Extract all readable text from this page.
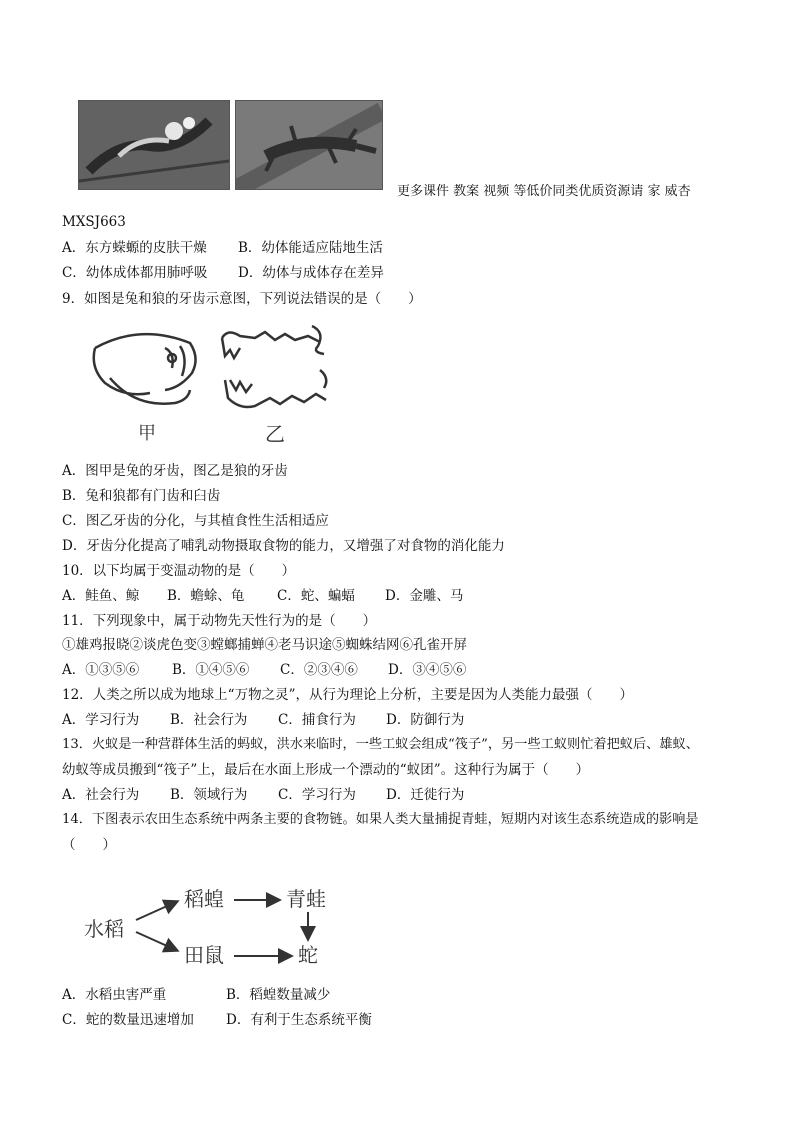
更多课件 教案 视频 等低价同类优质资源请 家 威杏
MXSJ663
A．东方蝾螈的皮肤干燥 B．幼体能适应陆地生活
C．幼体成体都用肺呼吸 D．幼体与成体存在差异
9．如图是兔和狼的牙齿示意图，下列说法错误的是（　　）
甲	乙
A．图甲是兔的牙齿，图乙是狼的牙齿
B．兔和狼都有门齿和臼齿
C．图乙牙齿的分化，与其植食性生活相适应
D．牙齿分化提高了哺乳动物摄取食物的能力，又增强了对食物的消化能力
10．以下均属于变温动物的是（　　）
A．鲑鱼、鲸 B．蟾蜍、龟 C．蛇、蝙蝠 D．金雕、马
11．下列现象中，属于动物先天性行为的是（　　）
①雄鸡报晓②谈虎色变③螳螂捕蝉④老马识途⑤蜘蛛结网⑥孔雀开屏
A．①③⑤⑥ B．①④⑤⑥ C．②③④⑥ D．③④⑤⑥
12．人类之所以成为地球上“万物之灵”，从行为理论上分析，主要是因为人类能力最强（　　）
A．学习行为 B．社会行为 C．捕食行为 D．防御行为
13．火蚁是一种营群体生活的蚂蚁，洪水来临时，一些工蚁会组成“筏子”，另一些工蚁则忙着把蚁后、雄蚁、
幼蚁等成员搬到“筏子”上，最后在水面上形成一个漂动的“蚁团”。这种行为属于（　　）
A．社会行为 B．领域行为 C．学习行为 D．迁徙行为
14．下图表示农田生态系统中两条主要的食物链。如果人类大量捕捉青蛙，短期内对该生态系统造成的影响是
（　　）
水稻
稻蝗	青蛙
田鼠	蛇
A．水稻虫害严重	B．稻蝗数量减少
C．蛇的数量迅速增加 D．有利于生态系统平衡
